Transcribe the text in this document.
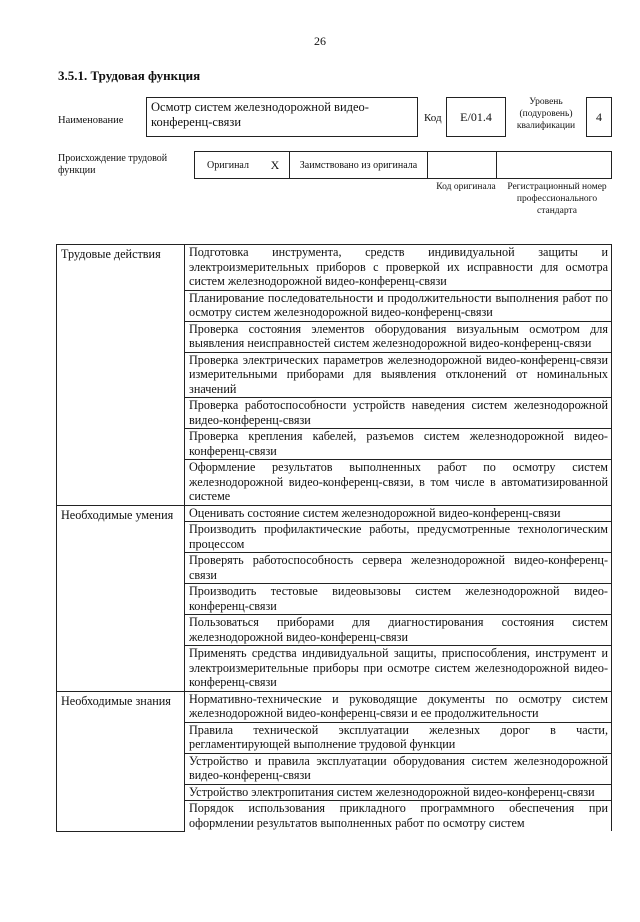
26
3.5.1. Трудовая функция
Наименование
Осмотр систем железнодорожной видео-конференц-связи	Код	E/01.4
Уровень (подуровень) квалификации
4
Происхождение трудовой функции	Оригинал	X	Заимствовано из оригинала		
Код оригинала Регистрационный номер профессионального стандарта
Трудовые действия	Подготовка инструмента, средств индивидуальной защиты и электроизмерительных приборов с проверкой их исправности для осмотра систем железнодорожной видео-конференц-связи
	Планирование последовательности и продолжительности выполнения работ по осмотру систем железнодорожной видео-конференц-связи
	Проверка состояния элементов оборудования визуальным осмотром для выявления неисправностей систем железнодорожной видео-конференц-связи
	Проверка электрических параметров железнодорожной видео-конференц-связи измерительными приборами для выявления отклонений от номинальных значений
	Проверка работоспособности устройств наведения систем железнодорожной видео-конференц-связи
	Проверка крепления кабелей, разъемов систем железнодорожной видео-конференц-связи
	Оформление результатов выполненных работ по осмотру систем железнодорожной видео-конференц-связи, в том числе в автоматизированной системе
Необходимые умения	Оценивать состояние систем железнодорожной видео-конференц-связи
	Производить профилактические работы, предусмотренные технологическим процессом
	Проверять работоспособность сервера железнодорожной видео-конференц-связи
	Производить тестовые видеовызовы систем железнодорожной видео-конференц-связи
	Пользоваться приборами для диагностирования состояния систем железнодорожной видео-конференц-связи
	Применять средства индивидуальной защиты, приспособления, инструмент и электроизмерительные приборы при осмотре систем железнодорожной видео-конференц-связи
Необходимые знания	Нормативно-технические и руководящие документы по осмотру систем железнодорожной видео-конференц-связи и ее продолжительности
	Правила технической эксплуатации железных дорог в части, регламентирующей выполнение трудовой функции
	Устройство и правила эксплуатации оборудования систем железнодорожной видео-конференц-связи
	Устройство электропитания систем железнодорожной видео-конференц-связи
	Порядок использования прикладного программного обеспечения при оформлении результатов выполненных работ по осмотру систем
